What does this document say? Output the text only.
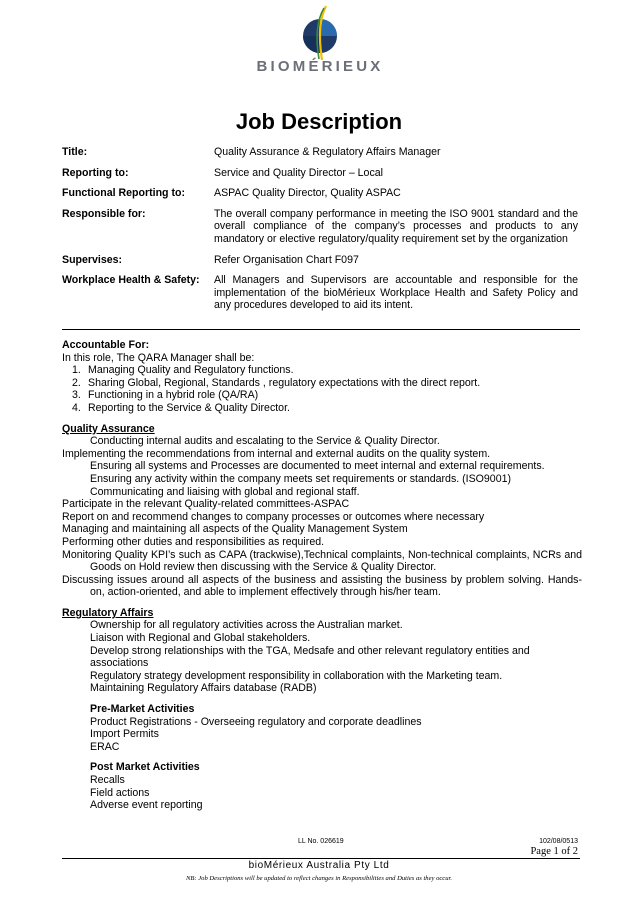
BIOMÉRIEUX
Job Description
Title:	Quality Assurance & Regulatory Affairs Manager
Reporting to:	Service and Quality Director – Local
Functional Reporting to:	ASPAC Quality Director, Quality ASPAC
Responsible for:	The overall company performance in meeting the ISO 9001 standard and the overall compliance of the company’s processes and products to any mandatory or elective regulatory/quality requirement set by the organization
Supervises:	Refer Organisation Chart F097
Workplace Health & Safety:	All Managers and Supervisors are accountable and responsible for the implementation of the bioMérieux Workplace Health and Safety Policy and any procedures developed to aid its intent.
Accountable For:
In this role, The QARA Manager shall be:
1. Managing Quality and Regulatory functions.
2. Sharing Global, Regional, Standards , regulatory expectations with the direct report.
3. Functioning in a hybrid role (QA/RA)
4. Reporting to the Service & Quality Director.
Quality Assurance
Conducting internal audits and escalating to the Service & Quality Director.
Implementing the recommendations from internal and external audits on the quality system.
Ensuring all systems and Processes are documented to meet internal and external requirements.
Ensuring any activity within the company meets set requirements or standards. (ISO9001)
Communicating and liaising with global and regional staff.
Participate in the relevant Quality-related committees-ASPAC
Report on and recommend changes to company processes or outcomes where necessary
Managing and maintaining all aspects of the Quality Management System
Performing other duties and responsibilities as required.
Monitoring Quality KPI’s such as CAPA (trackwise),Technical complaints, Non-technical complaints, NCRs and Goods on Hold review then discussing with the Service & Quality Director.
Discussing issues around all aspects of the business and assisting the business by problem solving. Hands-on, action-oriented, and able to implement effectively through his/her team.
Regulatory Affairs
Ownership for all regulatory activities across the Australian market.
Liaison with Regional and Global stakeholders.
Develop strong relationships with the TGA, Medsafe and other relevant regulatory entities and associations
Regulatory strategy development responsibility in collaboration with the Marketing team.
Maintaining Regulatory Affairs database (RADB)
Pre-Market Activities
Product Registrations - Overseeing regulatory and corporate deadlines
Import Permits
ERAC
Post Market Activities
Recalls
Field actions
Adverse event reporting
LL No. 026619	102/08/0513
Page 1 of 2
bioMérieux Australia Pty Ltd
NB: Job Descriptions will be updated to reflect changes in Responsibilities and Duties as they occur.
